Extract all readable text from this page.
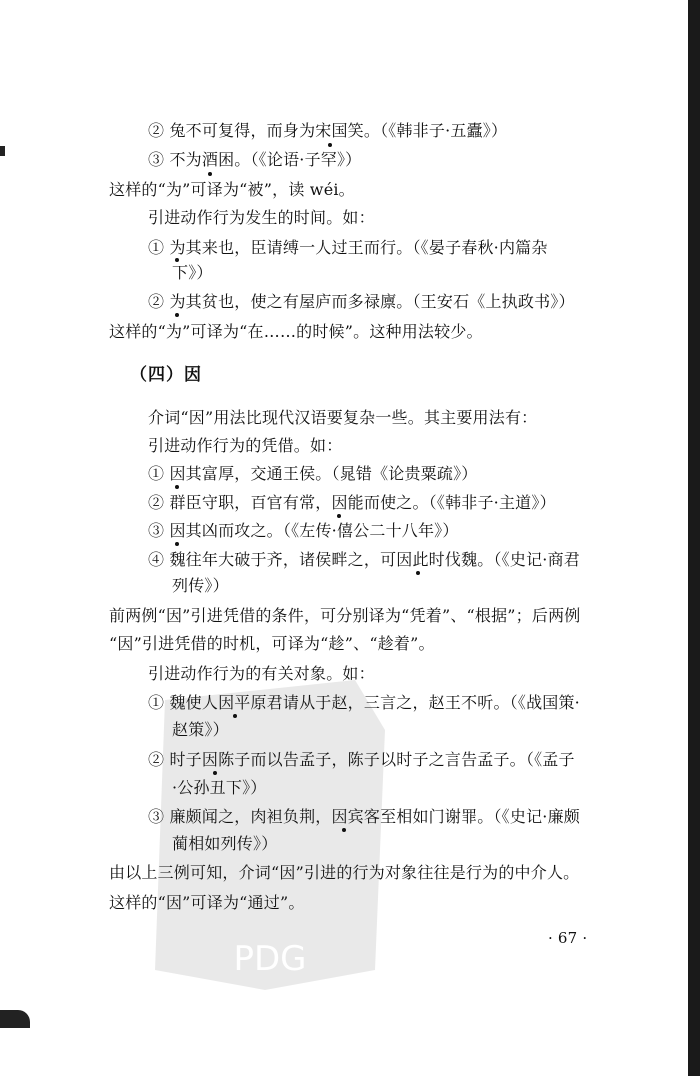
PDG
② 兔不可复得，而身为宋国笑。（《韩非子·五蠹》）
③ 不为酒困。（《论语·子罕》）
这样的“为”可译为“被”，读 wéi。
引进动作行为发生的时间。如：
① 为其来也，臣请缚一人过王而行。（《晏子春秋·内篇杂
下》）
② 为其贫也，使之有屋庐而多禄廪。（王安石《上执政书》）
这样的“为”可译为“在……的时候”。这种用法较少。
（四）因
介词“因”用法比现代汉语要复杂一些。其主要用法有：
引进动作行为的凭借。如：
① 因其富厚，交通王侯。（晁错《论贵粟疏》）
② 群臣守职，百官有常，因能而使之。（《韩非子·主道》）
③ 因其凶而攻之。（《左传·僖公二十八年》）
④ 魏往年大破于齐，诸侯畔之，可因此时伐魏。（《史记·商君
列传》）
前两例“因”引进凭借的条件，可分别译为“凭着”、“根据”；后两例
“因”引进凭借的时机，可译为“趁”、“趁着”。
引进动作行为的有关对象。如：
① 魏使人因平原君请从于赵，三言之，赵王不听。（《战国策·
赵策》）
② 时子因陈子而以告孟子，陈子以时子之言告孟子。（《孟子
·公孙丑下》）
③ 廉颇闻之，肉袒负荆，因宾客至相如门谢罪。（《史记·廉颇
蔺相如列传》）
由以上三例可知，介词“因”引进的行为对象往往是行为的中介人。
这样的“因”可译为“通过”。
· 67 ·
